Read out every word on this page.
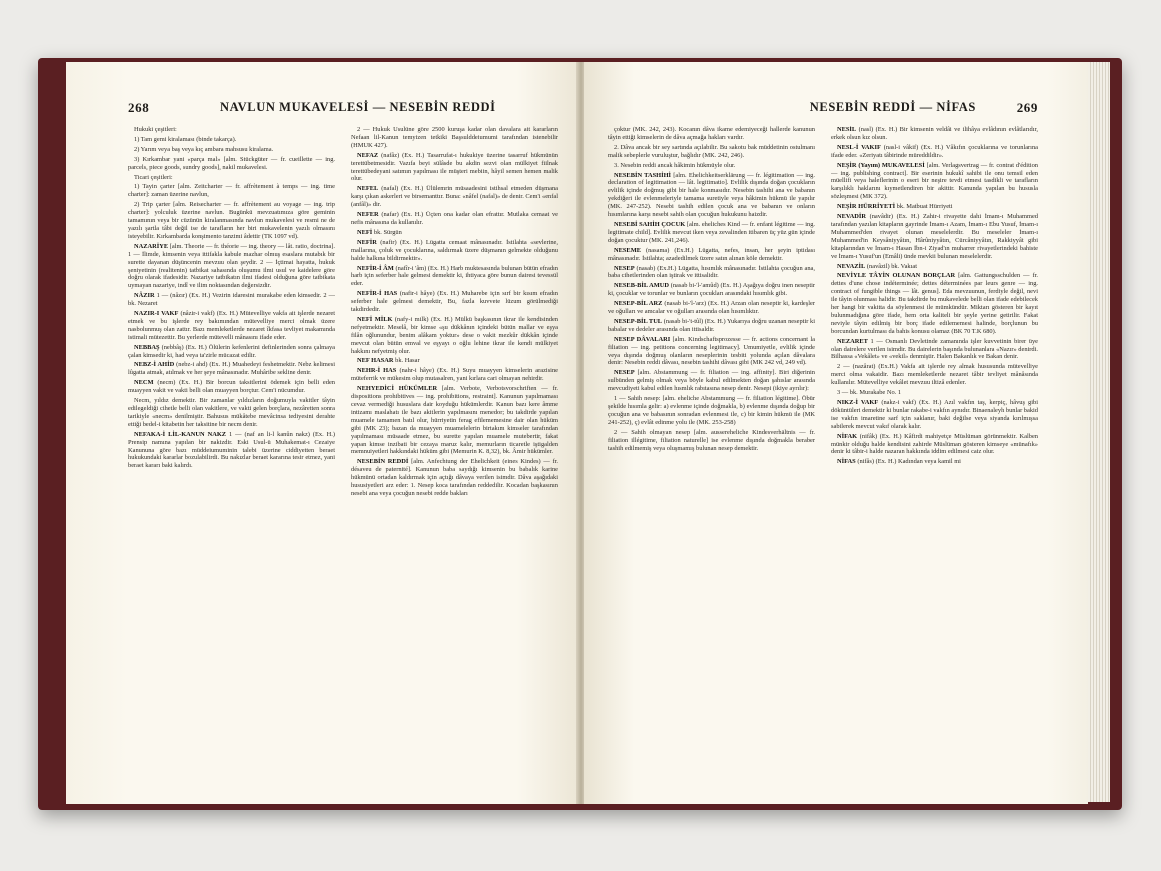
268	NAVLUN MUKAVELESİ — NESEBİN REDDİ

Hukuki çeşitleri:

1) Tam gemi kiralaması (binde takarça).

2) Yarım veya baş veya kıç ambara mahsusu kiralama.

3) Kırkambar yani «parça mal» [alm. Stückgüter — fr. cueillette — ing. parcels, piece goods, sundry goods], nakil mukavelesi.

Ticari çeşitleri:

1) Tayin çarter [alm. Zeitcharter — fr. affrètement à temps — ing. time charter]: zaman üzerine navlun,

2) Trip çarter [alm. Reisecharter — fr. affrètement au voyage — ing. trip charter]: yolculuk üzerine navlun. Bugünkü mevzuatımıza göre geminin tamamının veya bir cüzünün kiralanmasında navlun mukavelesi ve resmi ne de yazılı şartla tâbi değil ise de tarafların her biri mukavelenin yazılı olmasını isteyebilir. Kırkambarda konşimento tanzimi âdettir (TK 1097 vd).

NAZARİYE [alm. Theorie — fr. théorie — ing. theory — lât. ratio, doctrina]. 1 — İlimde, kimsenin veya ittifakla kabule mazhar olmuş esaslara mutabık bir surette dayanan düşüncenin mevzuu olan şeydir. 2 — İçtimai hayatta, hukuk şeniyetinin (realitenin) tatbikat sahasında oluşumu ilmi usul ve kaidelere göre doğru olarak ifadesidir. Nazariye tatbikatın ilmi ifadesi olduğuna göre tatbikata uymayan nazariye, indî ve ilim noktasından değersizdir.

NÂZIR 1 — (nâzır) (Ex. H.) Vezirin idaresini murakabe eden kimsedir. 2 — bk. Nezaret

NAZIR-I VAKF (nâzir-i vakf) (Ex. H.) Mütevelliye vakfa ait işlerde nezaret etmek ve bu işlerde rey bakımından mütevelliye merci olmak üzere nasbolunmuş olan zattır. Bazı memleketlerde nezaret îkfasa tevliyet makamında istimali mütezettir. Bu yerlerde mütevelli mânasını ifade eder.

NEBBAŞ (nebbâş) (Ex. H.) Ölülerin kefenlerini definlerinden sonra çalmaya çalan kimsedir ki, had veya ta'zirle mücazat edilir.

NEBZ-İ AHİD (nebz-i ahd) (Ex. H.) Muahedeyi feshetmektir. Nebz kelimesi lûgatta atmak, atılmak ve her şeye mânasınadır. Muhâribe sekline denir.

NECM (necm) (Ex. H.) Bir borcun taksitlerini ödemek için belli eden muayyen vakit ve vakti belli olan muayyen borçtur. Cem'i nücumdur.

Necm, yıldız demektir. Bir zamanlar yıldızların doğumuyla vakitler tâyin edilegeldiği cihetle belli olan vakitlere, ve vakti gelen borçlara, nezâretten sonra tarikiyle «necm» denilmiştir. Bahusus mükâtebe mevâcinsa tediyesini derahte ettiği bedel-i kitabetin her taksitine bir necm denir.

NEFAKA-İ LİL-KANUN NAKZ 1 — (naf an li-l kanûn nakz) (Ex. H.) Prensip namına yapılan bir nakizdir. Eski Usul-ü Muhakemat-ı Cezaiye Kanununa göre bazı müddeiumuminin talebi üzerine ciddiyetten beraet hukukundaki kararlar bozulabilirdi. Bu nakızlar beraet kararına tesir etmez, yani beraet kararı baki kalırdı.

2 — Hukuk Usulüne göre 2500 kuruşa kadar olan davalara ait kararların Nefaan lil-Kanun temyizen tetkiki Başsulddeiumumi tarafından istenebilir (HMUK 427).

NEFAZ (nafâz) (Ex. H.) Tasarrufat-ı hukukiye üzerine tasarruf hükmünün terettübetmesidir. Vazıfa beyi sülâsde bu akdin sezvi olan mülkiyet fiilnak terettübedeyani satımın yapılması ile müşteri mebiin, hâyil semen hemen malik olur.

NEFEL (nafal) (Ex. H.) Ülülemrin müsaadesini istihsal etmeden düşmana karşı çıkan askerleri ve birsemanttır. Buna: «nâfel (nafal)» de denir. Cem'i «enfal (anfâl)» dir.

NEFER (nafar) (Ex. H.) Üçten ona kadar olan efrattır. Mutlaka cemaat ve nefis mânasına da kullanılır.

NEFİ bk. Sürgün

NEFİR (nafir) (Ex. H.) Lügatta cemaat mânasınadır. İstilahta «sevlerine, mallarına, çoluk ve çocuklarına, saldırmak üzere düşmanın gelmekte olduğunu halde halkına bildirmektir».

NEFİR-İ ÂM (nafîr-i 'âm) (Ex. H.) Harb muktesasında bulunan bütün efradın harb için seferber hale gelmesi demektir ki, ihtiyaca göre bunun dairesi tevessül eder.

NEFİR-İ HAS (nafir-i hâye) (Ex. H.) Muharebe için sırf bir kısım efradın seferber hale gelmesi demektir, Bu, fazla kuvvete lüzum görülmediği takdirdedir.

NEFİ MİLK (nafy-i milk) (Ex. H.) Mülkü başkasının ikrar ile kendisinden nefyetmektir. Meselâ, bir kimse «şu dükkânın içindeki bütün mallar ve eşya filân oğlunundur, benim alâkam yoktur» dese o vakit mezkûr dükkân içinde mevcut olan bütün emval ve eşyayı o oğlu lehine ikrar ile kendi mülkiyet hakkını nefyetmiş olur.

NEF HASAR bk. Hasar

NEHR-İ HAS (nahr-i hâye) (Ex. H.) Suyu muayyen kimselerin arazisine müteferrik ve mükesim olup mutasalren, yani kırlara cari olmayan nehirdir.

NEHYEDİCİ HÜKÜMLER [alm. Verbote, Verbotsvorschriften — fr. dispositions prohibitives — ing. prohibitions, restraint]. Kanunun yapılmaması cevaz vermediği hususlara dair koyduğu hükümlerdir. Kanun bazı kere âmme intizamı maslahatı ile bazı akitlerin yapılmasını menedor; bu takdirde yapılan muamele tamamen batıl olur, hürriyetin ferag efilememesine dair olan hüküm gibi (MK 23); bazan da muayyen muamelelerin birtakım kimseler tarafından yapılmaması müsaade etmez, bu surette yapılan muamele mutebertir, fakat yapan kimse inzibati bir cezaya maruz kalır, memurların ticaretle iştigalden memnuiyetleri hakkındaki hüküm gibi (Memurin K. 8,32), bk. Âmir hükümler.

NESEBİN REDDİ [alm. Anfechtung der Ehelichkeit (eines Kindes) — fr. désaveu de paternité]. Kanunun baba saydığı kimsenin bu babalık karine hükmünü ortadan kaldırmak için açtığı dâvaya verilen isimdir. Dâva aşağıdaki hususiyetleri arz eder: 1. Nesep koca tarafından reddedilir. Kocadan başkasının nesebi ana veya çocuğun nesebi redde bakları

NESEBİN REDDİ — NİFAS	269

çoktur (MK. 242, 243). Kocanın dâva ikame edemiyeceği hallerde kanunun tâyin ettiği kimselerin de dâva açmağa hakları vardır.

2. Dâva ancak bir sey sartında açılabilir. Bu sakotu bak müddetinin ostulmanı malik sebeplerle vuruluştur, bağlıdır (MK. 242, 246).

3. Nesebin reddi ancak hâkimin hükmüyle olur.

NESEBİN TASHİHİ [alm. Ehelichkeitserklärung — fr. légitimation — ing. declaration of legitimation — lât. legitimatio]. Evlilik dışında doğan çocukların evlilik içinde doğmuş gibi bir hale konmasıdır. Nesebin tashihi ana ve babanın yekdiğeri ile evlenmeleriyle tamama suretiyle veya hâkimin hükmü ile yapılır (MK. 247-252). Nesebi tashih edilen çocuk ana ve babanın ve onların hısımlarına karşı nesebi sahih olan çocuğun hukukunu haizdir.

NESEBİ SAHİH ÇOCUK [alm. eheliches Kind — fr. enfant légitime — ing. legitimate child]. Evlilik mevcut iken veya zevalinden itibaren üç yüz gün içinde doğan çocuktur (MK. 241,246).

NESEME (nasama) (Ex.H.) Lügatta, nefes, insan, her şeyin iptidası mânasınadır. İstilahta; azadedilmek üzere satın alınan köle demektir.

NESEP (nasab) (Ex.H.) Lügatta, hısımlık mânasınadır. İstilahta çocuğun ana, baba cihetlerinden olan iştirak ve ittisalidir.

NESEB-BİL AMUD (nasab bi-'l-'amûd) (Ex. H.) Aşağıya doğru inen neseptir ki, çocuklar ve torunlar ve bunların çocukları arasındaki hısımlık gibi.

NESEP-BİL ARZ (nasab bi-'l-'arz) (Ex. H.) Arzan olan neseptir ki, kardeşler ve oğulları ve amcalar ve oğulları arasında olan hısımlıktır.

NESEP-BİL TUL (nasab bi-'t-tûl) (Ex. H.) Yukarıya doğru uzanan neseptir ki babalar ve dedeler arasında olan ittisaldir.

NESEP DÂVALARI [alm. Kindschaftsprozesse — fr. actions concernant la filiation — ing. petitions concerning legitimacy]. Umumiyetle, evlilik içinde veya dışında doğmuş olanların neseplerinin tesbiti yolunda açılan dâvalara denir: Nesebin reddi dâvası, nesebin tashihi dâvası gibi (MK 242 vd, 249 vd).

NESEP [alm. Abstammung — fr. filiation — ing. affinity]. Biri diğerinin sulbünden gelmiş olmak veya böyle kabul edilmekten doğan şahıslar arasında mevcudiyeti kabul edilen hısmlık rabıtasına nesep denir. Nesepi (ikiye ayrılır):

1 — Sahih nesep: [alm. eheliche Abstammung — fr. filiation légitime]. Öbür şekilde hısımla gelir: a) evlenme içinde doğmakla, b) evlenme dışında doğup bir çocuğun ana ve babasının sonradan evlenmesi ile, c) bir kimin hükmü ile (MK 241-252), ç) evlât edinme yolu ile (MK. 253-258)

2 — Sahih olmayan nesep [alm. aussereheliche Kindesverhältnis — fr. filiation illégitime, filiation naturelle] ise evlenme dışında doğmakla beraber tashih edilmemiş veya oluşmamış bulunan nesep demektir.

NESİL (nasl) (Ex. H.) Bir kimsenin veldâi ve ilihâya evlâdının evlâtlarıdır, erkek olsun kız olsun.

NESL-İ VAKIF (nasl-i vâkif) (Ex. H.) Vâkıfın çocuklarına ve torunlarına ifade eder. «Zeriyatı tâbirinde müreddildir».

NEŞİR (Yayım) MUKAVELESİ [alm. Verlagsvertrag — fr. contrat d'édition — ing. publishing contract]. Bir eserinin hukukî sahibi ile onu temsil eden müellifi veya haleflerinin o eseri bir neşire tevdi etmesi tasdikli ve tarafların karşılıklı haklarını kıymetlendiren bir akittir. Kanunda yapılan bu hususla sözleşmesi (MK 372).

NEŞİR HÜRRİYETİ bk. Matbuat Hürriyeti

NEVADİR (navâdir) (Ex. H.) Zahir-i rivayette dahi İmam-ı Muhammed tarafından yazılan kitapların gayrinde İmam-ı Azam, İmam-ı Ebu Yusuf, İmam-ı Muhammed'den rivayet olunan meselelerdir. Bu meseleler İmam-ı Muhammed'in Keysâniyyâtın, Hârûniyyâtın, Cürcâniyyâtın, Rakkiyyât gibi kitaplarından ve İmam-ı Hasan İbn-i Ziyad'ın muharrer rivayetlerindeki bahiste ve İmam-ı Yusuf'un (Emâli) ünde mevkii bulunan meselelerdir.

NEVAZİL (navâzil) bk. Vakıat

NEVİYLE TÂYİN OLUNAN BORÇLAR [alm. Gattungsschulden — fr. dettes d'une chose indéterminée; dettes déterminées par leurs genre — ing. contract of fungible things — lât. genus]. Eda mevzuunun, ferdiyle değil, nevi ile tâyin olunması halidir. Bu takdirde bu mukavelede belli olan ifade edebilecek her hangi bir vakitta da söylenmesi ile mümkündür. Miktarı gösteren bir kayıt bulunmadığına göre ifade, hem orta kaliteli bir şeyle yerine getirilir. Fakat neviyle tâyin edilmiş bir borç ifade edilememesi halinde, borçlunun bu borcundan kurtulması da bahis konusu olamaz (BK 70 T.K 680).

NEZARET 1 — Osmanlı Devletinde zamanında işler kuvvetinin birer üye olan dairelere verilen isimdir. Bu dairelerin başında bulunanlara «Nazır» denirdi. Bilhassa «Vekâlet» ve «vekil» denmiştir. Halen Bakanlık ve Bakan denir.

2 — (nazârat) (Ex.H.) Vakfa ait işlerde rey almak hususunda mütevelliye merci olma vakaidir. Bazı memleketlerde nezaret tâbir tevliyet mânâsında kullanılır. Mütevelliye vekâlet mevzuu iltizâ edenler.

3 — bk. Murakabe No. 1

NIKZ-İ VAKF (nakz-i vakf) (Ex. H.) Azıl vakfın taş, kerpiç, hâvuş gibi döküntüleri demektir ki bunlar rakabe-i vakfın aynıdır. Binaenaleyh bunlar bakid ise vakfın imaretine sarf için saklanır, baki değilse veya siyanda kırılmışsa sabilerek mevcut vakıf olarak kalır.

NİFAK (nifâk) (Ex. H.) Kâfirdi mahiyetçe Müslüman görünmektir. Kalben münkir olduğu halde kendisini zahirde Müslüman gösteren kimseye «münafık» denir ki tâbir-i halde nazaran hakkında iddim edilmesi caiz olur.

NİFAS (nifâs) (Ex. H.) Kadından veya kamil mi
